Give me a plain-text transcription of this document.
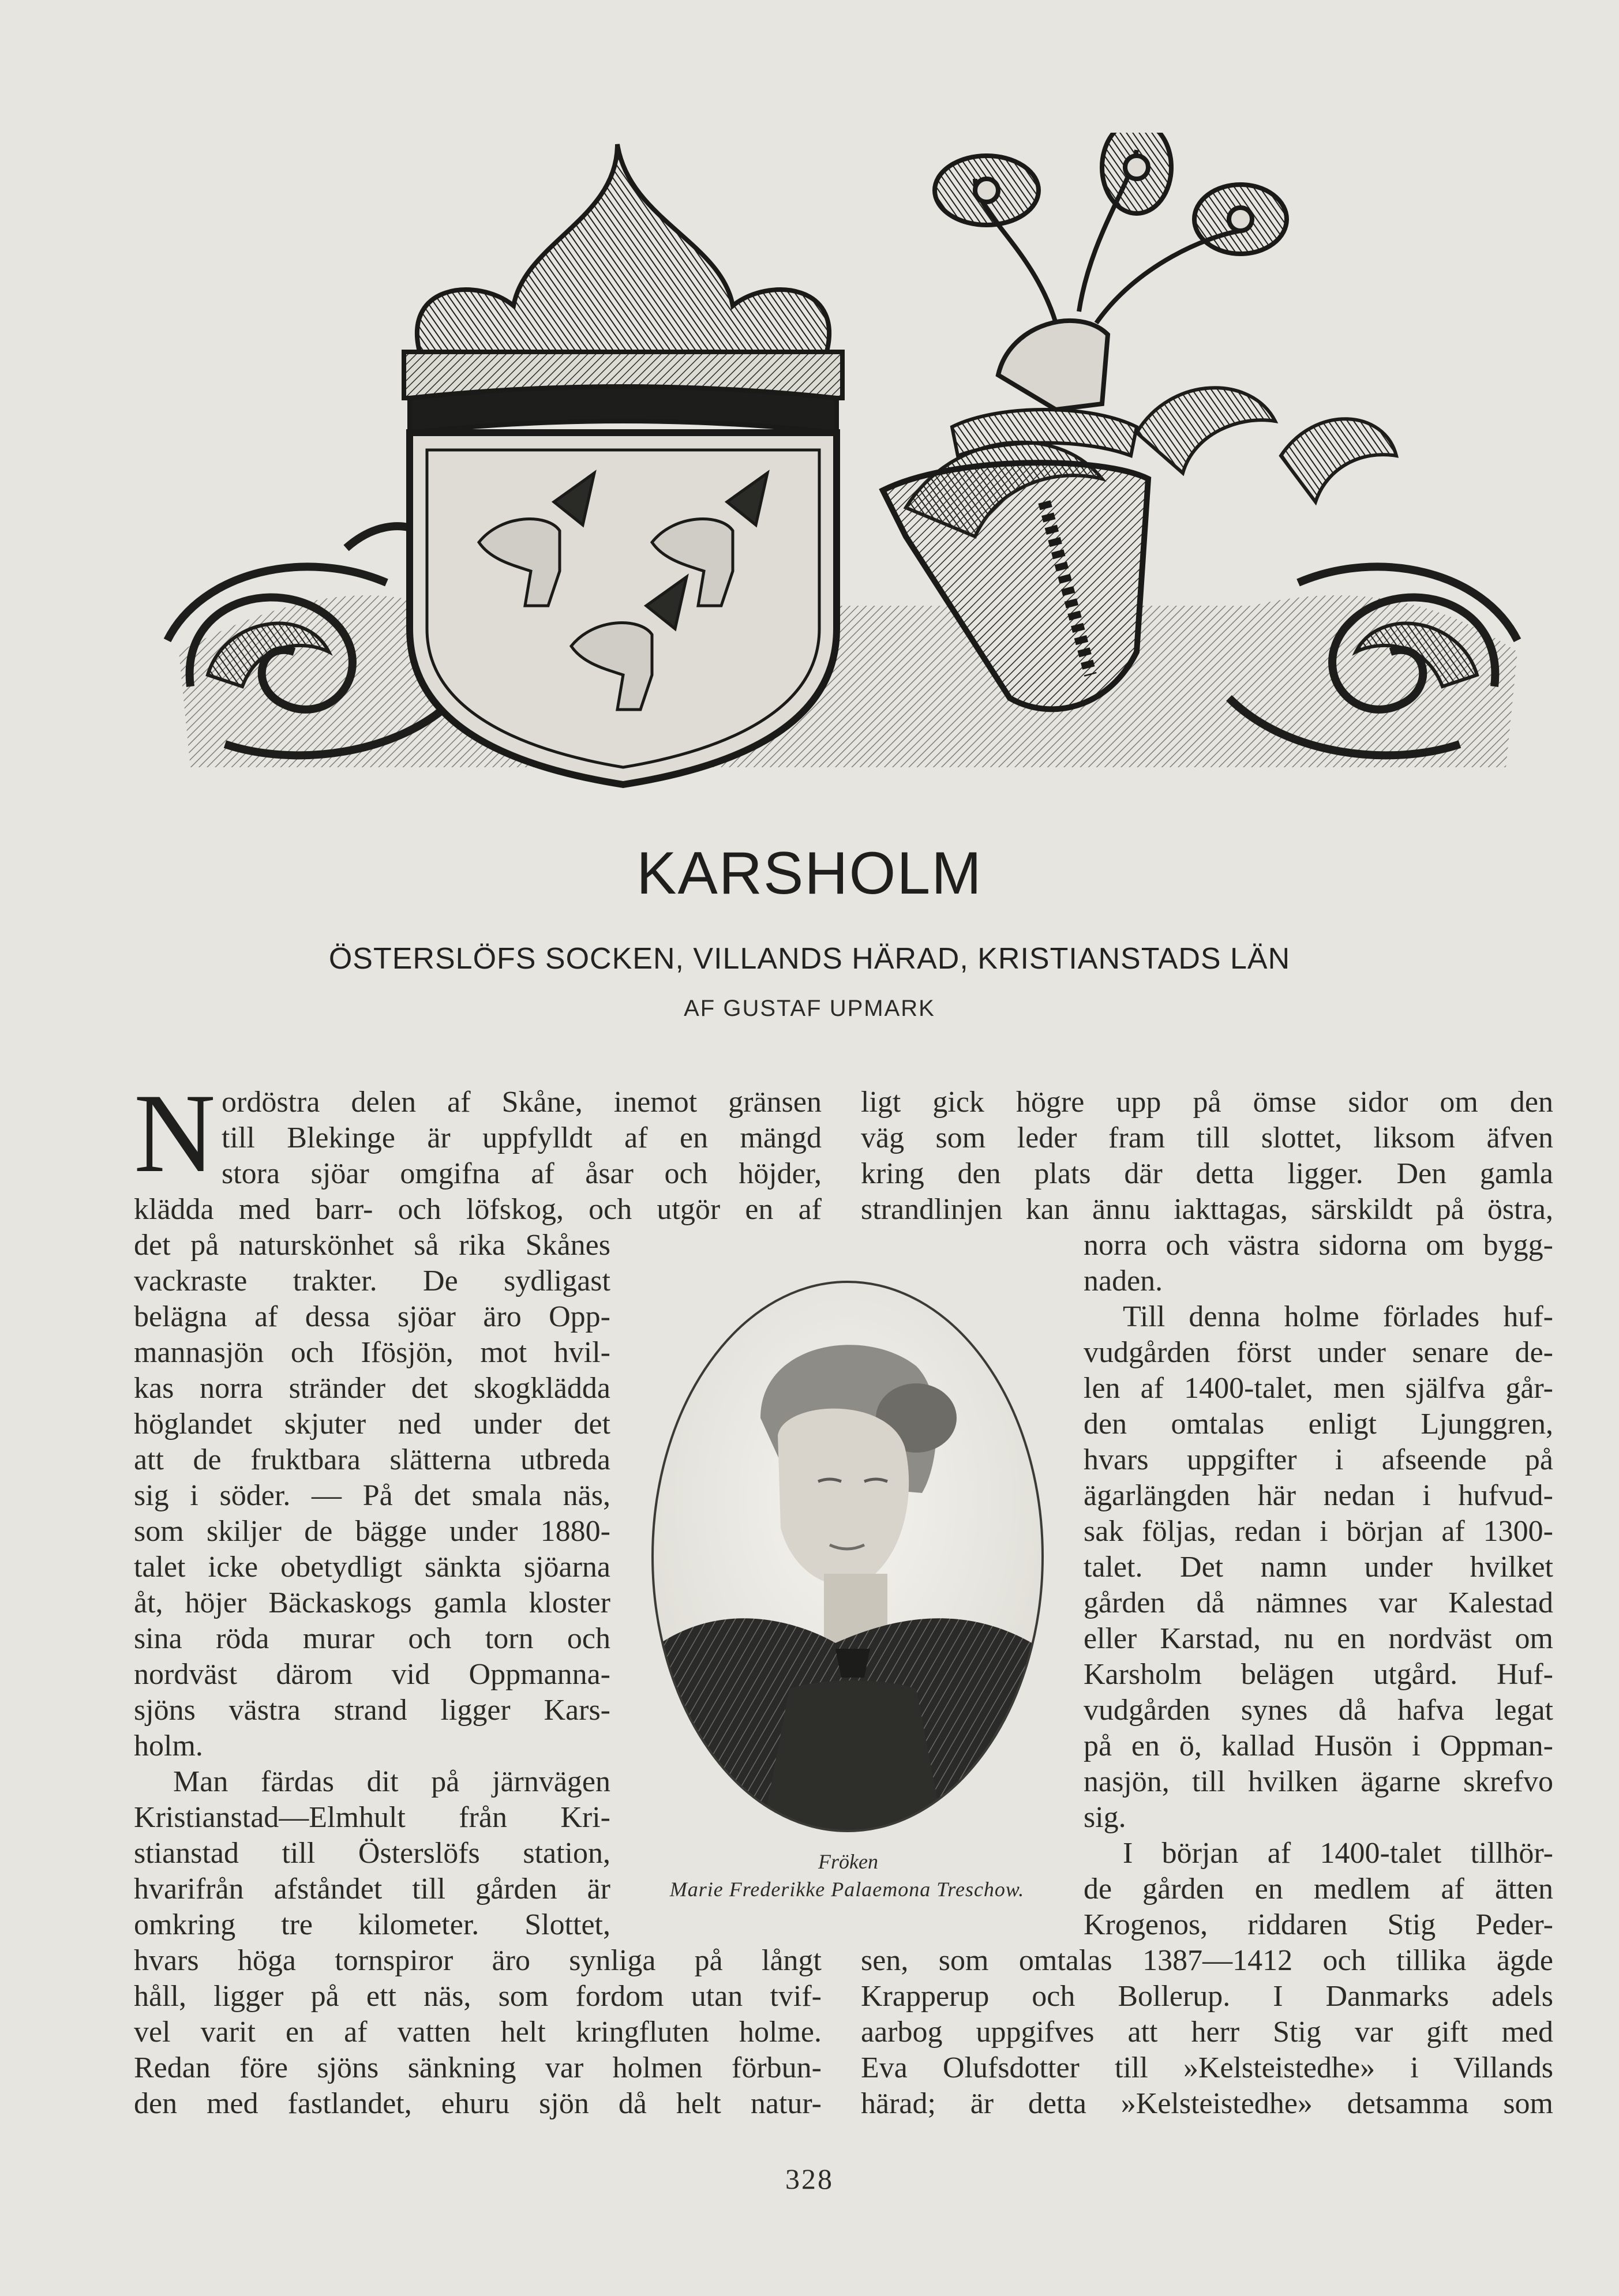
KARSHOLM
ÖSTERSLÖFS SOCKEN, VILLANDS HÄRAD, KRISTIANSTADS LÄN
AF GUSTAF UPMARK
N ordöstra delen af Skåne, inemot gränsen
till Blekinge är uppfylldt af en mängd
stora sjöar omgifna af åsar och höjder,
klädda med barr- och löfskog, och utgör en af
det på naturskönhet så rika Skånes
vackraste trakter. De sydligast
belägna af dessa sjöar äro Opp-
mannasjön och Ifösjön, mot hvil-
kas norra stränder det skogklädda
höglandet skjuter ned under det
att de fruktbara slätterna utbreda
sig i söder. — På det smala näs,
som skiljer de bägge under 1880-
talet icke obetydligt sänkta sjöarna
åt, höjer Bäckaskogs gamla kloster
sina röda murar och torn och
nordväst därom vid Oppmanna-
sjöns västra strand ligger Kars-
holm.
Man färdas dit på järnvägen
Kristianstad—Elmhult från Kri-
stianstad till Österslöfs station,
hvarifrån afståndet till gården är
omkring tre kilometer. Slottet,
hvars höga tornspiror äro synliga på långt
håll, ligger på ett näs, som fordom utan tvif-
vel varit en af vatten helt kringfluten holme.
Redan före sjöns sänkning var holmen förbun-
den med fastlandet, ehuru sjön då helt natur-
ligt gick högre upp på ömse sidor om den
väg som leder fram till slottet, liksom äfven
kring den plats där detta ligger. Den gamla
strandlinjen kan ännu iakttagas, särskildt på östra,
norra och västra sidorna om bygg-
naden.
Till denna holme förlades huf-
vudgården först under senare de-
len af 1400-talet, men själfva går-
den omtalas enligt Ljunggren,
hvars uppgifter i afseende på
ägarlängden här nedan i hufvud-
sak följas, redan i början af 1300-
talet. Det namn under hvilket
gården då nämnes var Kalestad
eller Karstad, nu en nordväst om
Karsholm belägen utgård. Huf-
vudgården synes då hafva legat
på en ö, kallad Husön i Oppman-
nasjön, till hvilken ägarne skrefvo
sig.
I början af 1400-talet tillhör-
de gården en medlem af ätten
Krogenos, riddaren Stig Peder-
sen, som omtalas 1387—1412 och tillika ägde
Krapperup och Bollerup. I Danmarks adels
aarbog uppgifves att herr Stig var gift med
Eva Olufsdotter till »Kelsteistedhe» i Villands
härad; är detta »Kelsteistedhe» detsamma som
Fröken
Marie Frederikke Palaemona Treschow.
328
